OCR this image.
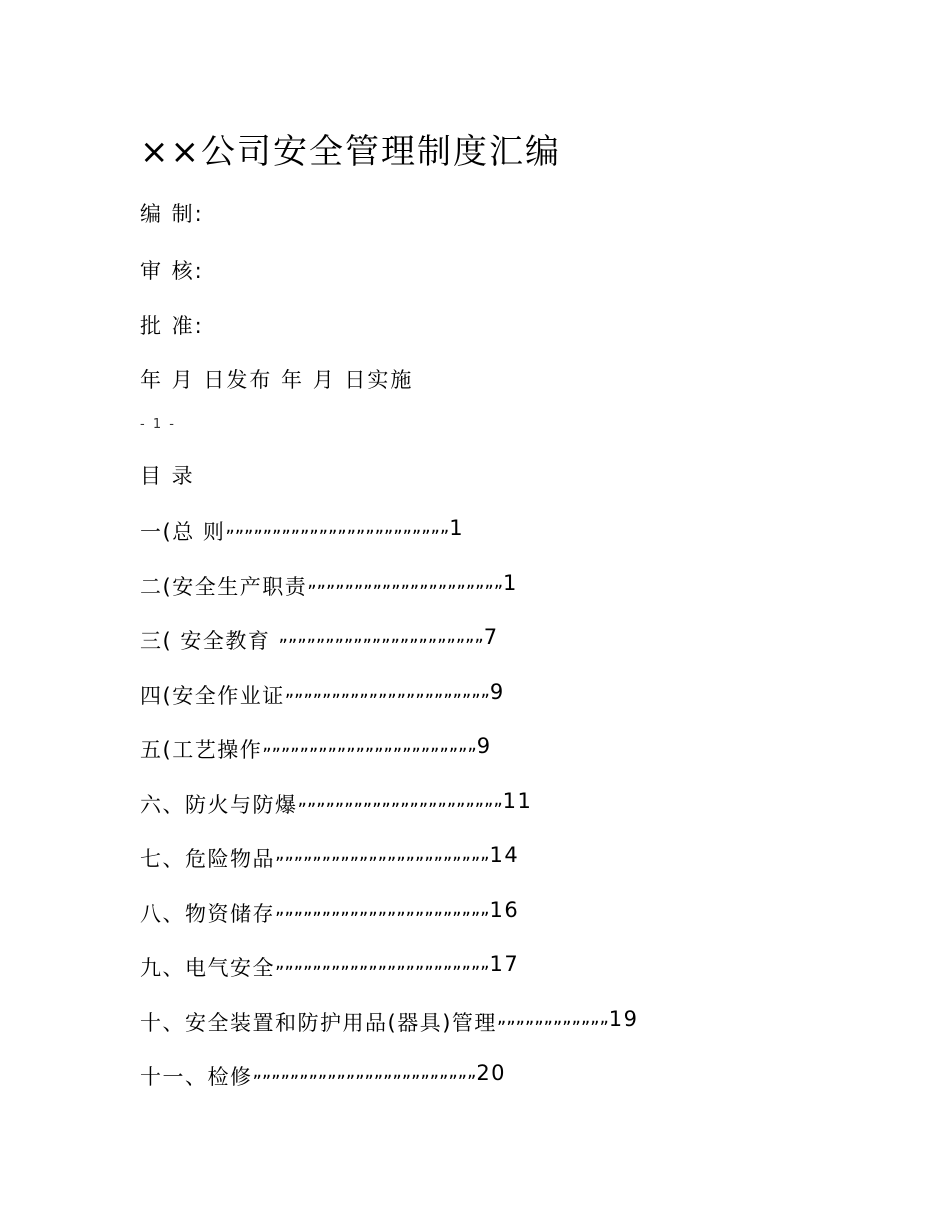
××公司安全管理制度汇编
编 制:
审 核:
批 准:
年 月 日发布 年 月 日实施
- 1 -
目 录
一(总 则 „„„„„„„„„„„„„„„„„„„„„„„„ 1
二(安全生产职责 „„„„„„„„„„„„„„„„„„„„„ 1
三( 安全教育 „„„„„„„„„„„„„„„„„„„„„„ 7
四(安全作业证 „„„„„„„„„„„„„„„„„„„„„„ 9
五(工艺操作 „„„„„„„„„„„„„„„„„„„„„„„ 9
六、防火与防爆 „„„„„„„„„„„„„„„„„„„„„„ 11
七、危险物品 „„„„„„„„„„„„„„„„„„„„„„„ 14
八、物资储存 „„„„„„„„„„„„„„„„„„„„„„„ 16
九、电气安全 „„„„„„„„„„„„„„„„„„„„„„„ 17
十、安全装置和防护用品(器具)管理 „„„„„„„„„„„„ 19
十一、检修 „„„„„„„„„„„„„„„„„„„„„„„„ 20
